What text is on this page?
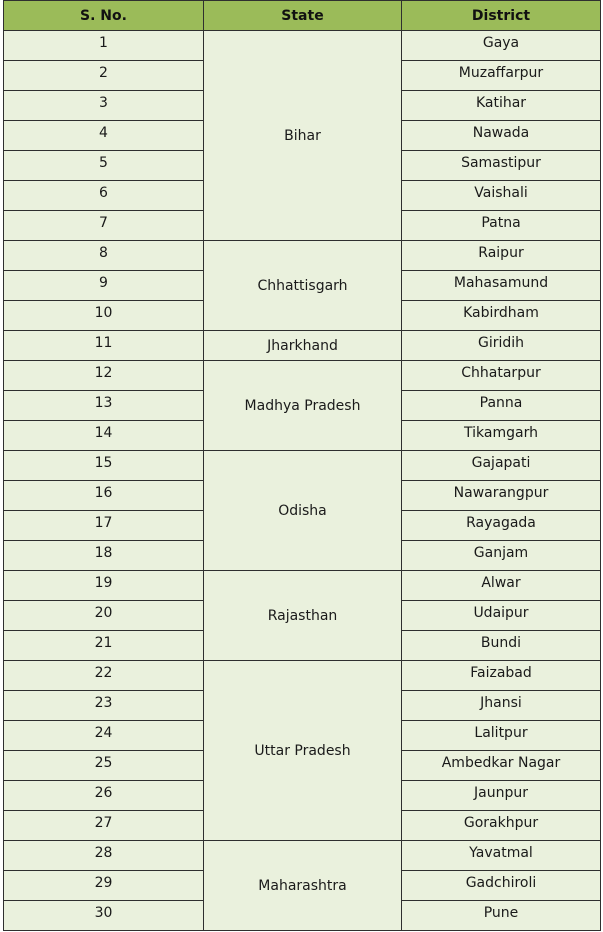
S. No.	State	District
1	Bihar	Gaya
2		Muzaffarpur
3		Katihar
4		Nawada
5		Samastipur
6		Vaishali
7		Patna
8	Chhattisgarh	Raipur
9		Mahasamund
10		Kabirdham
11	Jharkhand	Giridih
12	Madhya Pradesh	Chhatarpur
13		Panna
14		Tikamgarh
15	Odisha	Gajapati
16		Nawarangpur
17		Rayagada
18		Ganjam
19	Rajasthan	Alwar
20		Udaipur
21		Bundi
22	Uttar Pradesh	Faizabad
23		Jhansi
24		Lalitpur
25		Ambedkar Nagar
26		Jaunpur
27		Gorakhpur
28	Maharashtra	Yavatmal
29		Gadchiroli
30		Pune
